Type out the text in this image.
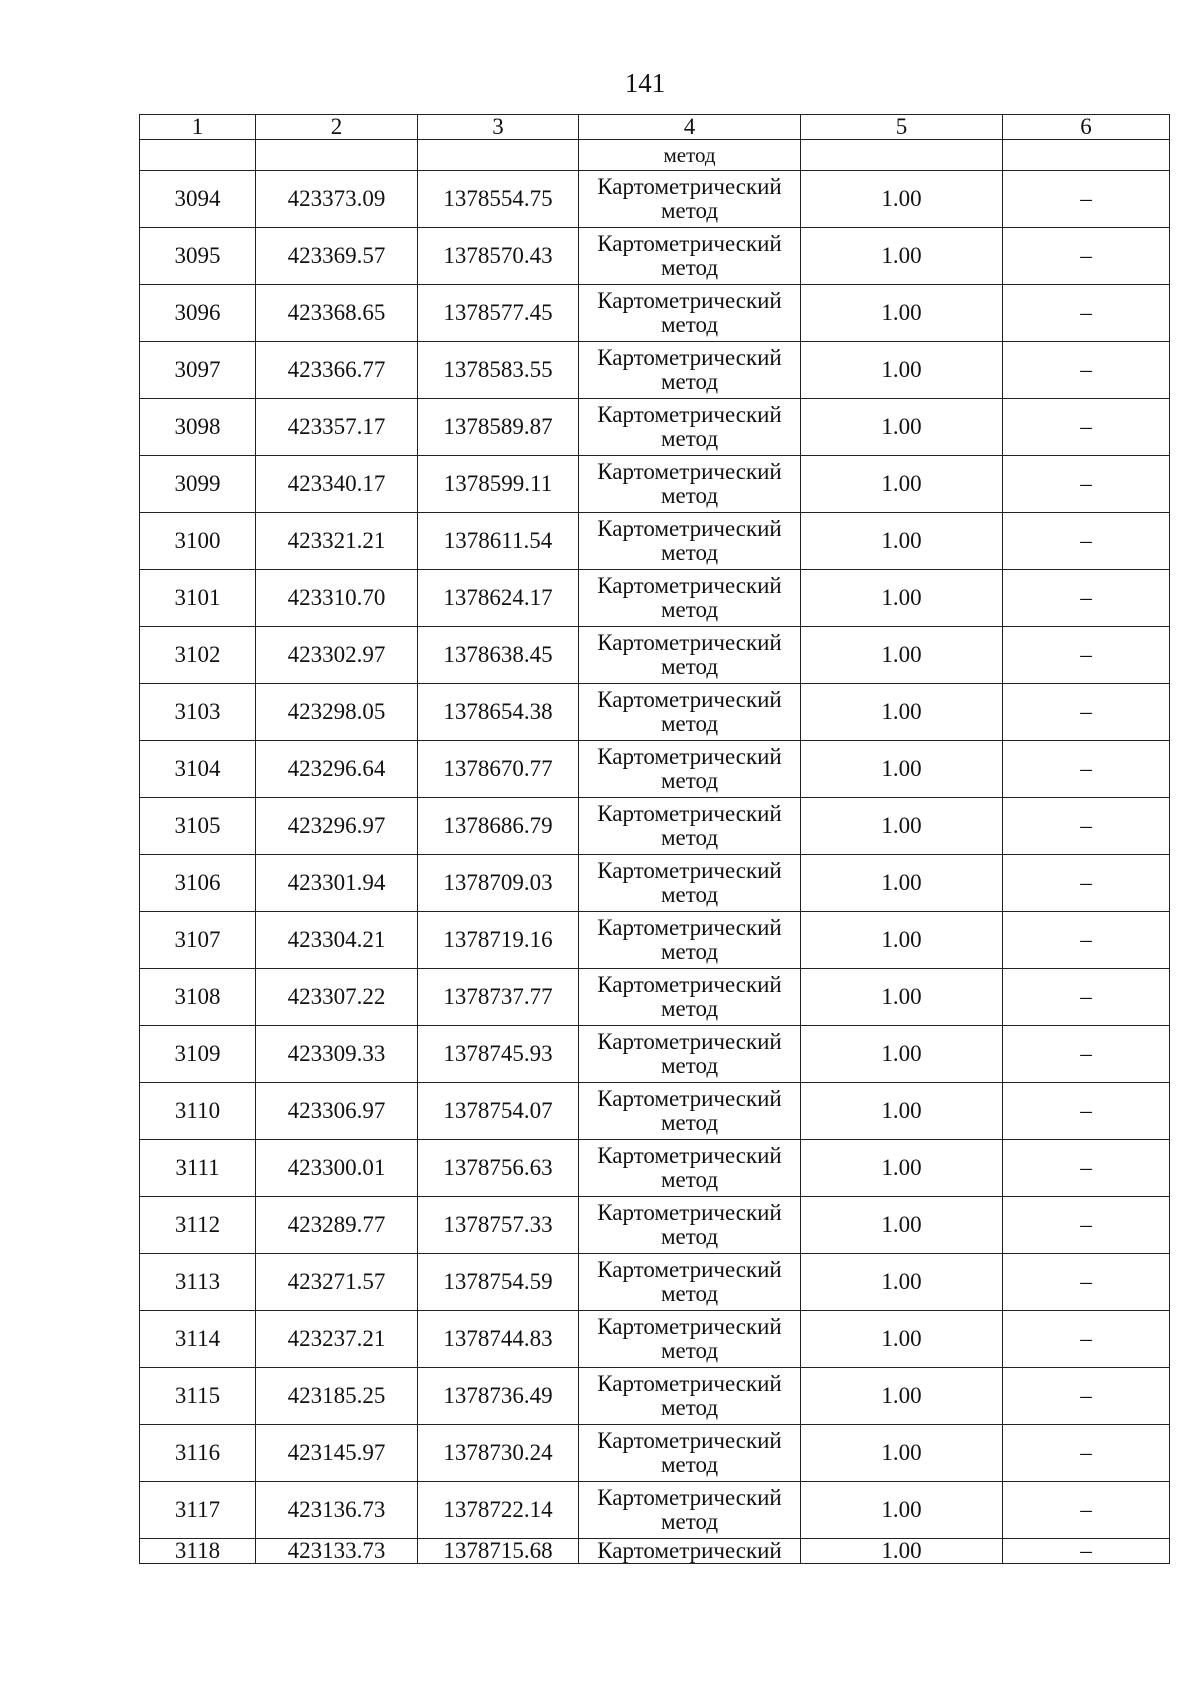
141
1	2	3	4	5	6
			метод		
3094	423373.09	1378554.75	Картометрический метод	1.00	–
3095	423369.57	1378570.43	Картометрический метод	1.00	–
3096	423368.65	1378577.45	Картометрический метод	1.00	–
3097	423366.77	1378583.55	Картометрический метод	1.00	–
3098	423357.17	1378589.87	Картометрический метод	1.00	–
3099	423340.17	1378599.11	Картометрический метод	1.00	–
3100	423321.21	1378611.54	Картометрический метод	1.00	–
3101	423310.70	1378624.17	Картометрический метод	1.00	–
3102	423302.97	1378638.45	Картометрический метод	1.00	–
3103	423298.05	1378654.38	Картометрический метод	1.00	–
3104	423296.64	1378670.77	Картометрический метод	1.00	–
3105	423296.97	1378686.79	Картометрический метод	1.00	–
3106	423301.94	1378709.03	Картометрический метод	1.00	–
3107	423304.21	1378719.16	Картометрический метод	1.00	–
3108	423307.22	1378737.77	Картометрический метод	1.00	–
3109	423309.33	1378745.93	Картометрический метод	1.00	–
3110	423306.97	1378754.07	Картометрический метод	1.00	–
3111	423300.01	1378756.63	Картометрический метод	1.00	–
3112	423289.77	1378757.33	Картометрический метод	1.00	–
3113	423271.57	1378754.59	Картометрический метод	1.00	–
3114	423237.21	1378744.83	Картометрический метод	1.00	–
3115	423185.25	1378736.49	Картометрический метод	1.00	–
3116	423145.97	1378730.24	Картометрический метод	1.00	–
3117	423136.73	1378722.14	Картометрический метод	1.00	–
3118	423133.73	1378715.68	Картометрический	1.00	–
